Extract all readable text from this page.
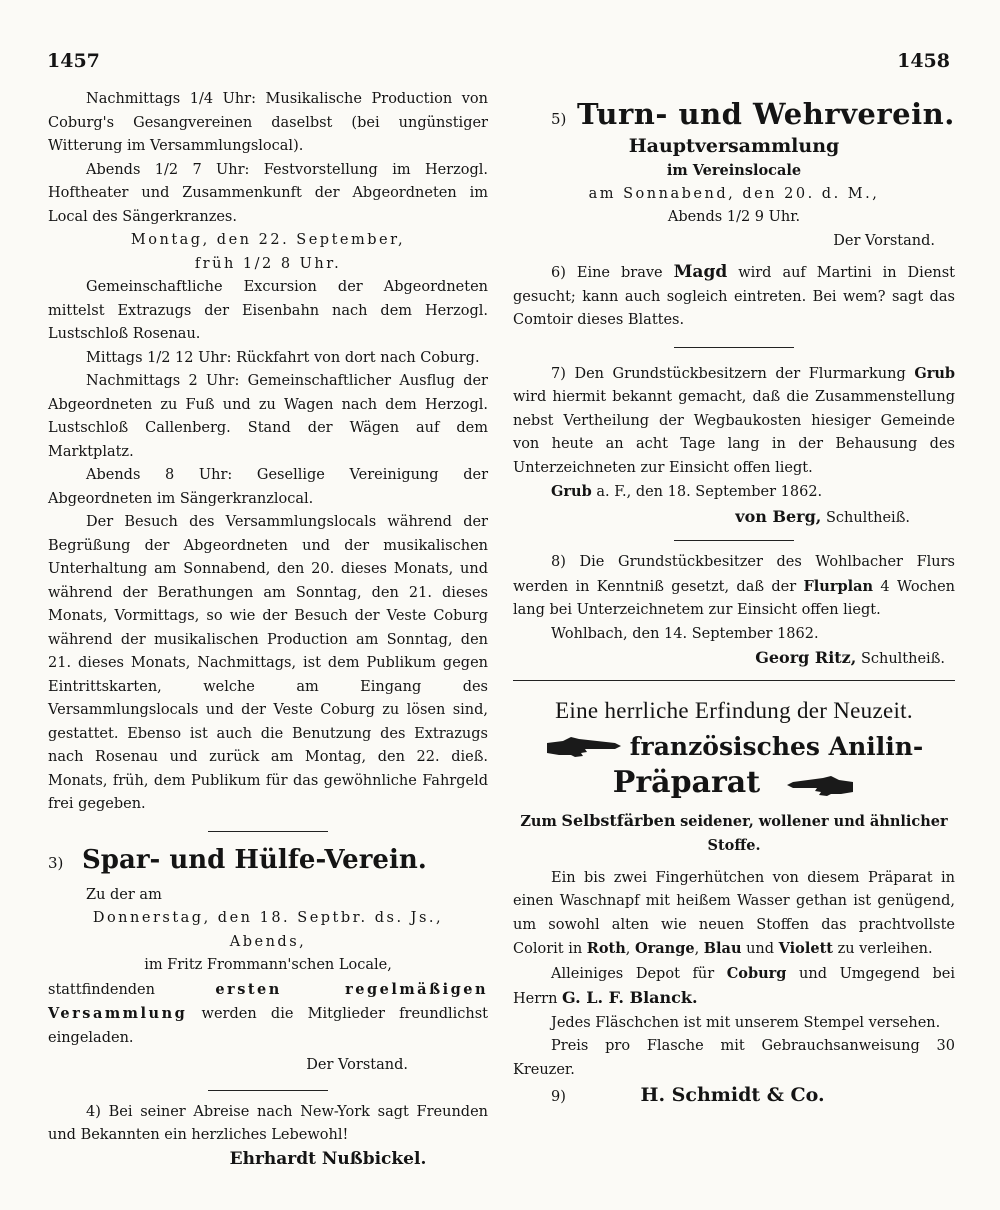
1457	1458

Nachmittags 1/4 Uhr: Musikalische Production von Coburg's Gesangvereinen daselbst (bei ungünstiger Witterung im Versammlungslocal).

Abends 1/2 7 Uhr: Festvorstellung im Herzogl. Hoftheater und Zusammenkunft der Abgeordneten im Local des Sängerkranzes.

Montag, den 22. September,

früh 1/2 8 Uhr.

Gemeinschaftliche Excursion der Abgeordneten mittelst Extrazugs der Eisenbahn nach dem Herzogl. Lustschloß Rosenau.

Mittags 1/2 12 Uhr: Rückfahrt von dort nach Coburg.

Nachmittags 2 Uhr: Gemeinschaftlicher Ausflug der Abgeordneten zu Fuß und zu Wagen nach dem Herzogl. Lustschloß Callenberg. Stand der Wägen auf dem Marktplatz.

Abends 8 Uhr: Gesellige Vereinigung der Abgeordneten im Sängerkranzlocal.

Der Besuch des Versammlungslocals während der Begrüßung der Abgeordneten und der musikalischen Unterhaltung am Sonnabend, den 20. dieses Monats, und während der Berathungen am Sonntag, den 21. dieses Monats, Vormittags, so wie der Besuch der Veste Coburg während der musikalischen Production am Sonntag, den 21. dieses Monats, Nachmittags, ist dem Publikum gegen Eintrittskarten, welche am Eingang des Versammlungslocals und der Veste Coburg zu lösen sind, gestattet. Ebenso ist auch die Benutzung des Extrazugs nach Rosenau und zurück am Montag, den 22. dieß. Monats, früh, dem Publikum für das gewöhnliche Fahrgeld frei gegeben.

3) Spar- und Hülfe-Verein.

Zu der am

Donnerstag, den 18. Septbr. ds. Js.,

Abends,

im Fritz Frommann'schen Locale,

stattfindenden	ersten regelmäßigen Versammlung werden die Mitglieder freundlichst eingeladen.

Der Vorstand.

4) Bei seiner Abreise nach New-York sagt Freunden und Bekannten ein herzliches Lebewohl!

Ehrhardt Nußbickel.

5) Turn- und Wehrverein.

Hauptversammlung

im Vereinslocale

am Sonnabend, den 20. d. M.,

Abends 1/2 9 Uhr.

Der Vorstand.

6) Eine brave Magd wird auf Martini in Dienst gesucht; kann auch sogleich eintreten. Bei wem? sagt das Comtoir dieses Blattes.

7) Den Grundstückbesitzern der Flurmarkung Grub wird hiermit bekannt gemacht, daß die Zusammenstellung nebst Vertheilung der Wegbaukosten hiesiger Gemeinde von heute an acht Tage lang in der Behausung des Unterzeichneten zur Einsicht offen liegt.

Grub a. F., den 18. September 1862.

von Berg, Schultheiß.

8) Die Grundstückbesitzer des Wohlbacher Flurs werden in Kenntniß gesetzt, daß der Flurplan 4 Wochen lang bei Unterzeichnetem zur Einsicht offen liegt.

Wohlbach, den 14. September 1862.

Georg Ritz, Schultheiß.

Eine herrliche Erfindung der Neuzeit.

französisches Anilin-
Präparat

Zum Selbstfärben seidener, wollener und ähnlicher Stoffe.

Ein bis zwei Fingerhütchen von diesem Präparat in einen Waschnapf mit heißem Wasser gethan ist genügend, um sowohl alten wie neuen Stoffen das prachtvollste Colorit in Roth, Orange, Blau und Violett zu verleihen.

Alleiniges Depot für Coburg und Umgegend bei Herrn G. L. F. Blanck.

Jedes Fläschchen ist mit unserem Stempel versehen.

Preis pro Flasche mit Gebrauchsanweisung 30 Kreuzer.

9)	H. Schmidt & Co.
